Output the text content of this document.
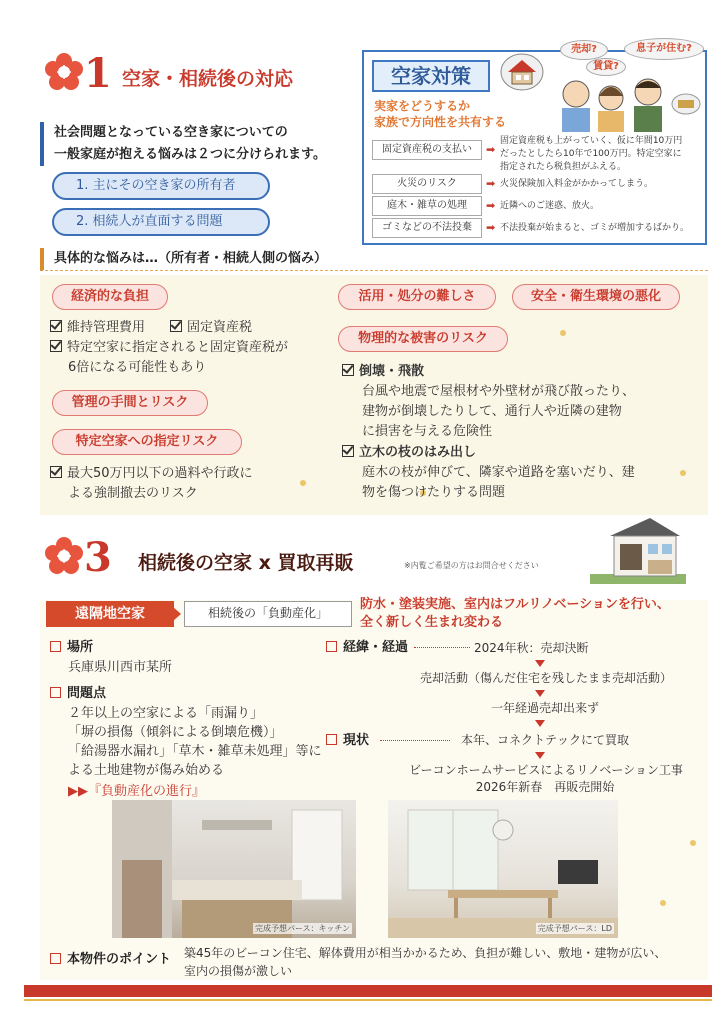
1 空家・相続後の対応
社会問題となっている空き家についての
一般家庭が抱える悩みは２つに分けられます。
1. 主にその空き家の所有者
2. 相続人が直面する問題
空家対策
売却?
賃貸?
息子が住む?
実家をどうするか
家族で方向性を共有する
固定資産税の支払い	➡
固定資産税も上がっていく、仮に年間10万円
だったとしたら10年で100万円。特定空家に
指定されたら税負担がふえる。
火災のリスク	➡ 火災保険加入料金がかかってしまう。
庭木・雑草の処理	➡ 近隣へのご迷惑、放火。
ゴミなどの不法投棄	➡ 不法投棄が始まると、ゴミが増加するばかり。
具体的な悩みは…（所有者・相続人側の悩み）
経済的な負担
維持管理費用	固定資産税
特定空家に指定されると固定資産税が
6倍になる可能性もあり
管理の手間とリスク
特定空家への指定リスク
最大50万円以下の過料や行政に
よる強制撤去のリスク
活用・処分の難しさ	安全・衛生環境の悪化
物理的な被害のリスク
倒壊・飛散
台風や地震で屋根材や外壁材が飛び散ったり、
建物が倒壊したりして、通行人や近隣の建物
に損害を与える危険性
立木の枝のはみ出し
庭木の枝が伸びて、隣家や道路を塞いだり、建
物を傷つけたりする問題
3 相続後の空家 x 買取再販	※内覧ご希望の方はお問合せください
遠隔地空家	相続後の「負動産化」
防水・塗装実施、室内はフルリノベーションを行い、
全く新しく生まれ変わる
場所
兵庫県川西市某所
問題点
２年以上の空家による「雨漏り」
「塀の損傷（傾斜による倒壊危機）」
「給湯器水漏れ」「草木・雑草未処理」等に
よる土地建物が傷み始める
▶▶『負動産化の進行』
経緯・経過	2024年秋：売却決断
売却活動（傷んだ住宅を残したまま売却活動）
一年経過売却出来ず
現状	本年、コネクトテックにて買取
ビーコンホームサービスによるリノベーション工事
2026年新春　再販売開始
完成予想パース：キッチン	完成予想パース：LD
本物件のポイント 築45年のビーコン住宅、解体費用が相当かかるため、負担が難しい、敷地・建物が広い、
室内の損傷が激しい
